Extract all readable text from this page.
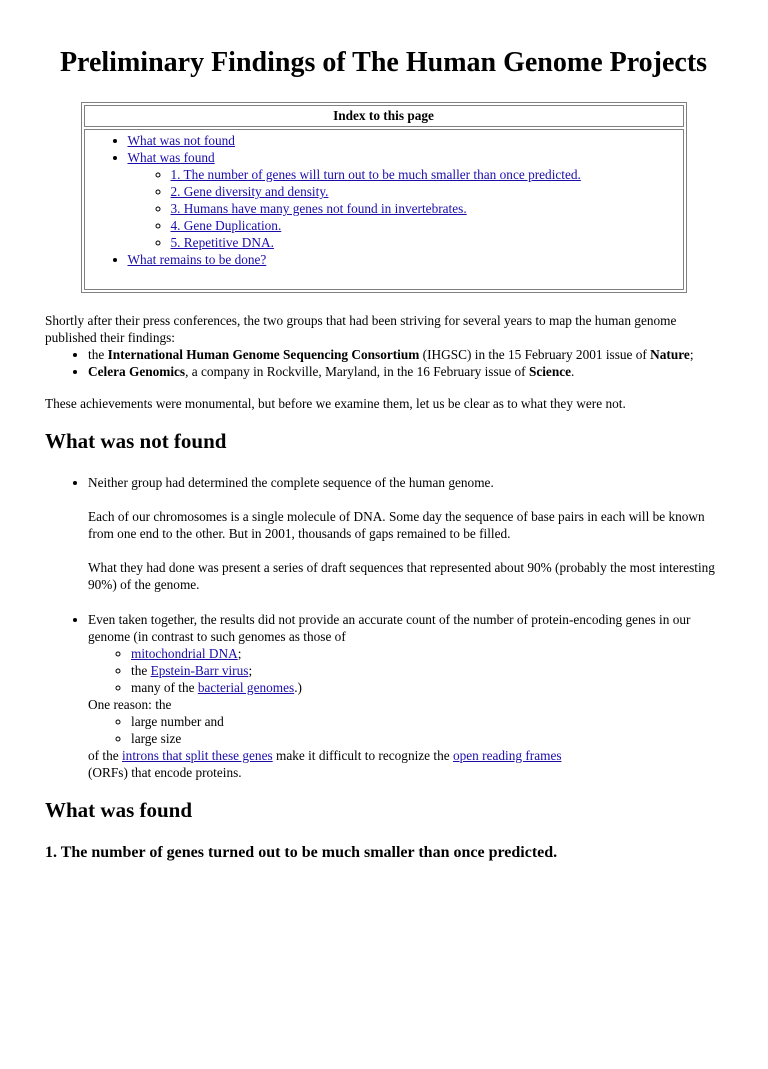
Preliminary Findings of The Human Genome Projects
Index to this page
• What was not found
• What was found
◦ 1. The number of genes will turn out to be much smaller than once predicted.
◦ 2. Gene diversity and density.
◦ 3. Humans have many genes not found in invertebrates.
◦ 4. Gene Duplication.
◦ 5. Repetitive DNA.
• What remains to be done?

Shortly after their press conferences, the two groups that had been striving for several years to map the human genome published their findings:

• the International Human Genome Sequencing Consortium (IHGSC) in the 15 February 2001 issue of Nature;
• Celera Genomics, a company in Rockville, Maryland, in the 16 February issue of Science.

These achievements were monumental, but before we examine them, let us be clear as to what they were not.

What was not found
• Neither group had determined the complete sequence of the human genome.

Each of our chromosomes is a single molecule of DNA. Some day the sequence of base pairs in each will be known from one end to the other. But in 2001, thousands of gaps remained to be filled.

What they had done was present a series of draft sequences that represented about 90% (probably the most interesting 90%) of the genome.

• Even taken together, the results did not provide an accurate count of the number of protein-encoding genes in our genome (in contrast to such genomes as those of
◦ mitochondrial DNA;
◦ the Epstein-Barr virus;
◦ many of the bacterial genomes.)
One reason: the
◦ large number and
◦ large size
of the introns that split these genes make it difficult to recognize the open reading frames
(ORFs) that encode proteins.
What was found
1. The number of genes turned out to be much smaller than once predicted.
